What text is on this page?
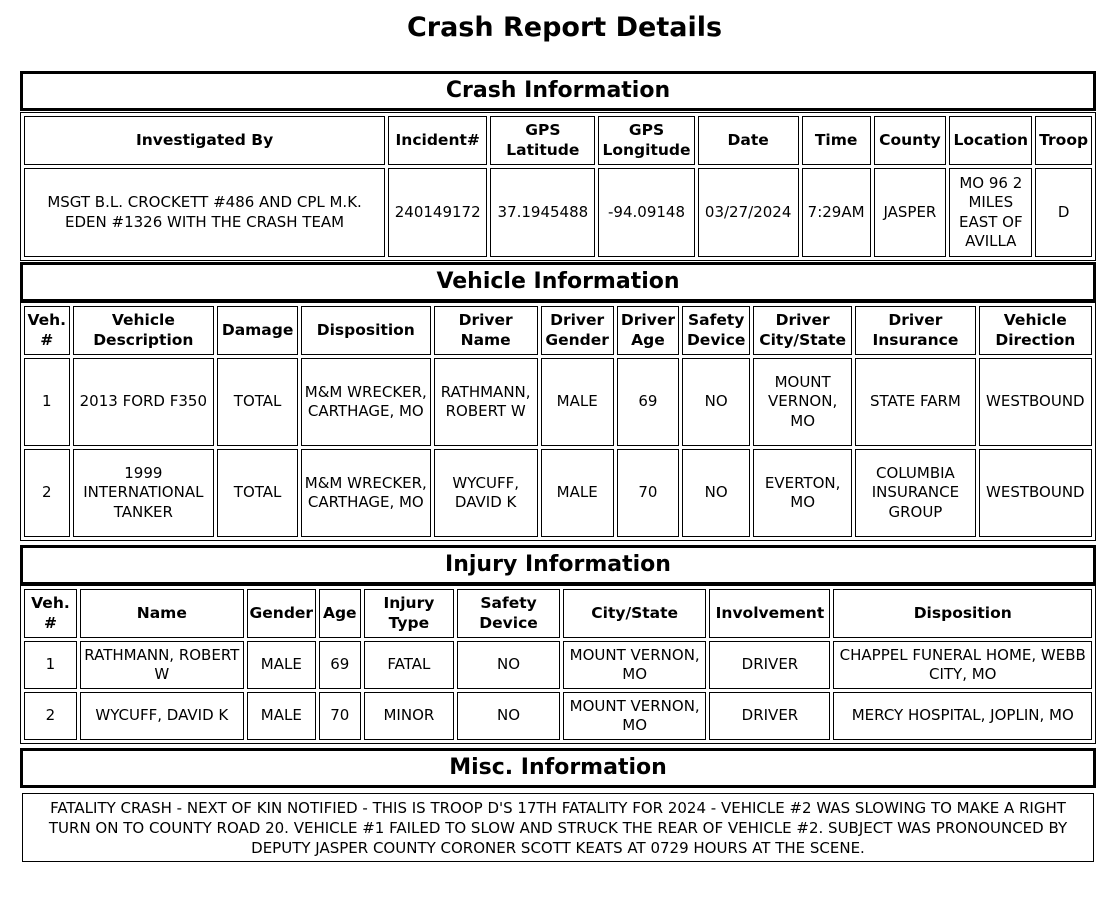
Crash Report Details
Crash Information
Investigated By	Incident#	GPS Latitude	GPS Longitude	Date	Time	County	Location	Troop
MSGT B.L. CROCKETT #486 AND CPL M.K. EDEN #1326 WITH THE CRASH TEAM	240149172	37.1945488	-94.09148	03/27/2024	7:29AM	JASPER	MO 96 2 MILES EAST OF AVILLA	D
Vehicle Information
Veh. #	Vehicle Description	Damage	Disposition	Driver Name	Driver Gender	Driver Age	Safety Device	Driver City/State	Driver Insurance	Vehicle Direction
1	2013 FORD F350	TOTAL	M&M WRECKER, CARTHAGE, MO	RATHMANN, ROBERT W	MALE	69	NO	MOUNT VERNON, MO	STATE FARM	WESTBOUND
2	1999 INTERNATIONAL TANKER	TOTAL	M&M WRECKER, CARTHAGE, MO	WYCUFF, DAVID K	MALE	70	NO	EVERTON, MO	COLUMBIA INSURANCE GROUP	WESTBOUND
Injury Information
Veh. #	Name	Gender	Age	Injury Type	Safety Device	City/State	Involvement	Disposition
1	RATHMANN, ROBERT W	MALE	69	FATAL	NO	MOUNT VERNON, MO	DRIVER	CHAPPEL FUNERAL HOME, WEBB CITY, MO
2	WYCUFF, DAVID K	MALE	70	MINOR	NO	MOUNT VERNON, MO	DRIVER	MERCY HOSPITAL, JOPLIN, MO
Misc. Information
FATALITY CRASH - NEXT OF KIN NOTIFIED - THIS IS TROOP D'S 17TH FATALITY FOR 2024 - VEHICLE #2 WAS SLOWING TO MAKE A RIGHT TURN ON TO COUNTY ROAD 20. VEHICLE #1 FAILED TO SLOW AND STRUCK THE REAR OF VEHICLE #2. SUBJECT WAS PRONOUNCED BY DEPUTY JASPER COUNTY CORONER SCOTT KEATS AT 0729 HOURS AT THE SCENE.
